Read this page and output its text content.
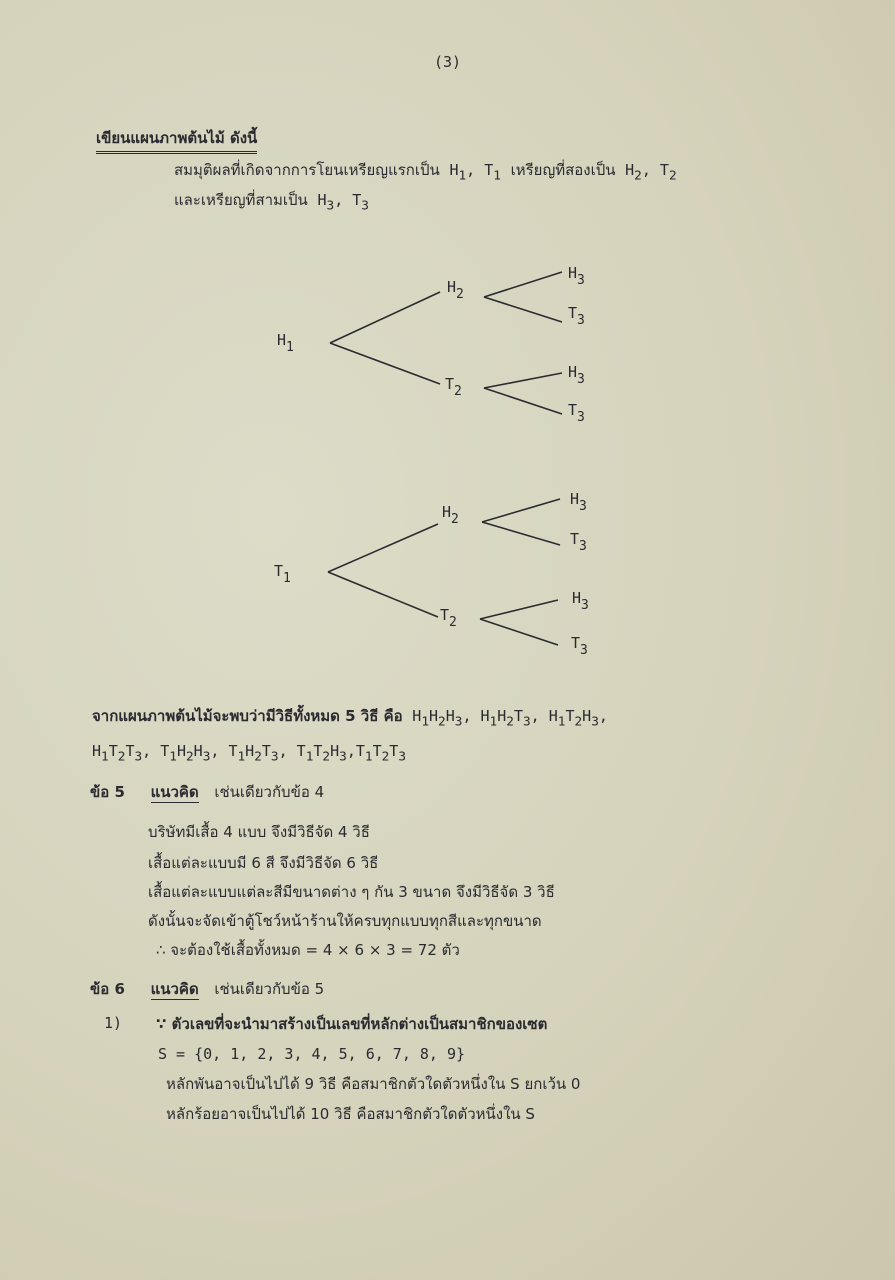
(3)
เขียนแผนภาพต้นไม้ ดังนี้
สมมุติผลที่เกิดจากการโยนเหรียญแรกเป็น $H_1$, $T_1$ เหรียญที่สองเป็น $H_2$, $T_2$
และเหรียญที่สามเป็น $H_3$, $T_3$
H1
H2
T2
H3
T3
H3
T3
T1
H2
T2
H3
T3
H3
T3
จากแผนภาพต้นไม้จะพบว่ามีวิธีทั้งหมด 5 วิธี คือ $H_1H_2H_3$, $H_1H_2T_3$, $H_1T_2H_3$,
$H_1T_2T_3$, $T_1H_2H_3$, $T_1H_2T_3$, $T_1T_2H_3,T_1T_2T_3$
ข้อ 5 แนวคิด เช่นเดียวกับข้อ 4
บริษัทมีเสื้อ 4 แบบ จึงมีวิธีจัด 4 วิธี
เสื้อแต่ละแบบมี 6 สี จึงมีวิธีจัด 6 วิธี
เสื้อแต่ละแบบแต่ละสีมีขนาดต่าง ๆ กัน 3 ขนาด จึงมีวิธีจัด 3 วิธี
ดังนั้นจะจัดเข้าตู้โชว์หน้าร้านให้ครบทุกแบบทุกสีและทุกขนาด
∴ จะต้องใช้เสื้อทั้งหมด = 4 × 6 × 3 = 72 ตัว
ข้อ 6 แนวคิด เช่นเดียวกับข้อ 5
1) ∵ ตัวเลขที่จะนำมาสร้างเป็นเลขที่หลักต่างเป็นสมาชิกของเซต
S = {0, 1, 2, 3, 4, 5, 6, 7, 8, 9}
หลักพันอาจเป็นไปได้ 9 วิธี คือสมาชิกตัวใดตัวหนึ่งใน S ยกเว้น 0
หลักร้อยอาจเป็นไปได้ 10 วิธี คือสมาชิกตัวใดตัวหนึ่งใน S
